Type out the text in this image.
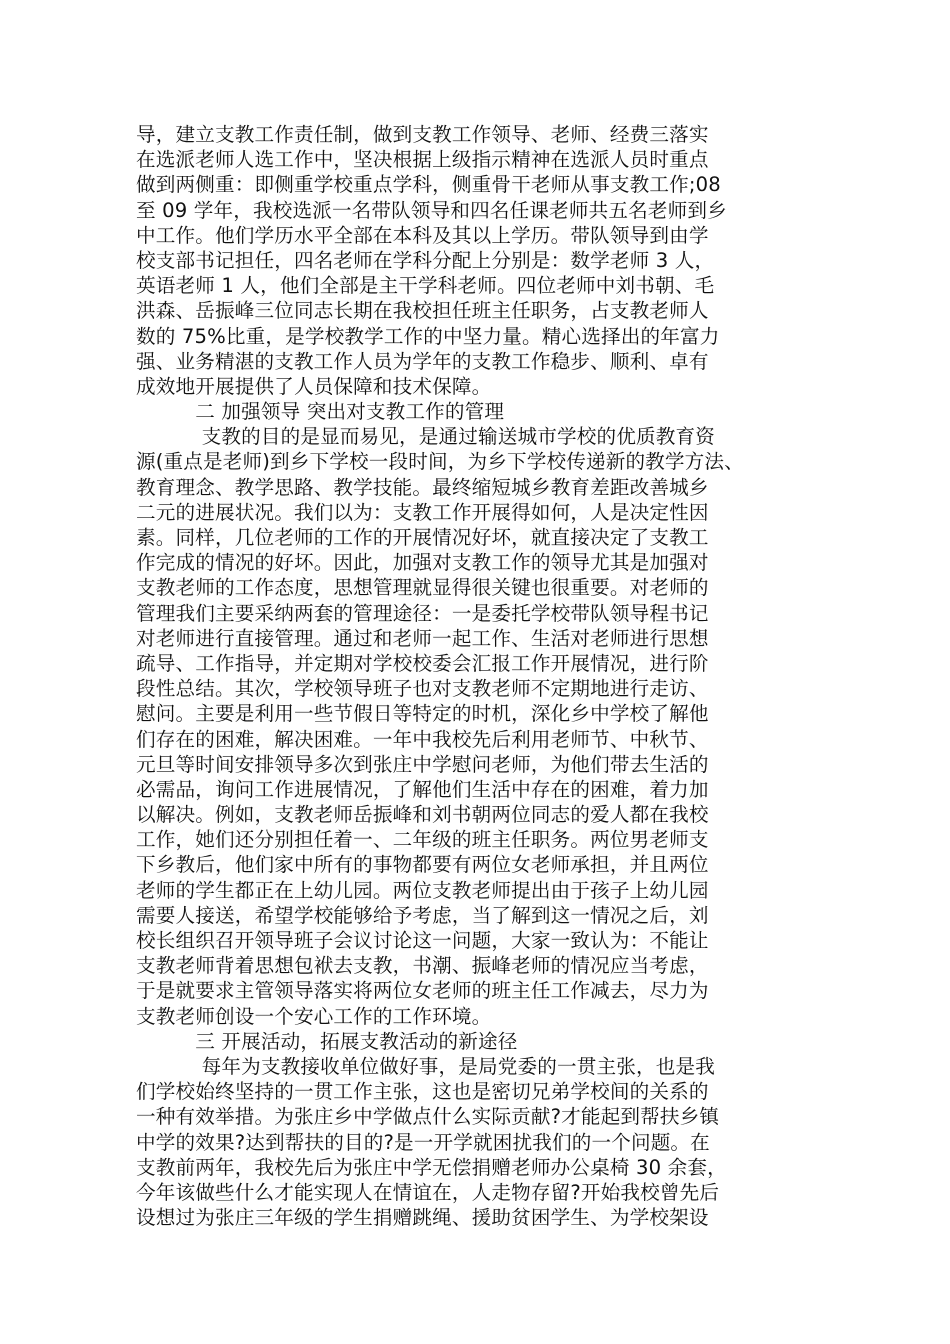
导，建立支教工作责任制，做到支教工作领导、老师、经费三落实
在选派老师人选工作中，坚决根据上级指示精神在选派人员时重点
做到两侧重：即侧重学校重点学科，侧重骨干老师从事支教工作;08
至 09 学年，我校选派一名带队领导和四名任课老师共五名老师到乡
中工作。他们学历水平全部在本科及其以上学历。带队领导到由学
校支部书记担任，四名老师在学科分配上分别是：数学老师 3 人，
英语老师 1 人，他们全部是主干学科老师。四位老师中刘书朝、毛
洪森、岳振峰三位同志长期在我校担任班主任职务，占支教老师人
数的 75%比重，是学校教学工作的中坚力量。精心选择出的年富力
强、业务精湛的支教工作人员为学年的支教工作稳步、顺利、卓有
成效地开展提供了人员保障和技术保障。
　　　二 加强领导 突出对支教工作的管理
　　　 支教的目的是显而易见，是通过输送城市学校的优质教育资
源(重点是老师)到乡下学校一段时间，为乡下学校传递新的教学方法、
教育理念、教学思路、教学技能。最终缩短城乡教育差距改善城乡
二元的进展状况。我们以为：支教工作开展得如何，人是决定性因
素。同样，几位老师的工作的开展情况好坏，就直接决定了支教工
作完成的情况的好坏。因此，加强对支教工作的领导尤其是加强对
支教老师的工作态度，思想管理就显得很关键也很重要。对老师的
管理我们主要采纳两套的管理途径：一是委托学校带队领导程书记
对老师进行直接管理。通过和老师一起工作、生活对老师进行思想
疏导、工作指导，并定期对学校校委会汇报工作开展情况，进行阶
段性总结。其次，学校领导班子也对支教老师不定期地进行走访、
慰问。主要是利用一些节假日等特定的时机，深化乡中学校了解他
们存在的困难，解决困难。一年中我校先后利用老师节、中秋节、
元旦等时间安排领导多次到张庄中学慰问老师，为他们带去生活的
必需品，询问工作进展情况，了解他们生活中存在的困难，着力加
以解决。例如，支教老师岳振峰和刘书朝两位同志的爱人都在我校
工作，她们还分别担任着一、二年级的班主任职务。两位男老师支
下乡教后，他们家中所有的事物都要有两位女老师承担，并且两位
老师的学生都正在上幼儿园。两位支教老师提出由于孩子上幼儿园
需要人接送，希望学校能够给予考虑，当了解到这一情况之后，刘
校长组织召开领导班子会议讨论这一问题，大家一致认为：不能让
支教老师背着思想包袱去支教，书潮、振峰老师的情况应当考虑，
于是就要求主管领导落实将两位女老师的班主任工作减去，尽力为
支教老师创设一个安心工作的工作环境。
　　　三 开展活动，拓展支教活动的新途径
　　　 每年为支教接收单位做好事，是局党委的一贯主张，也是我
们学校始终坚持的一贯工作主张，这也是密切兄弟学校间的关系的
一种有效举措。为张庄乡中学做点什么实际贡献?才能起到帮扶乡镇
中学的效果?达到帮扶的目的?是一开学就困扰我们的一个问题。在
支教前两年，我校先后为张庄中学无偿捐赠老师办公桌椅 30 余套，
今年该做些什么才能实现人在情谊在，人走物存留?开始我校曾先后
设想过为张庄三年级的学生捐赠跳绳、援助贫困学生、为学校架设
